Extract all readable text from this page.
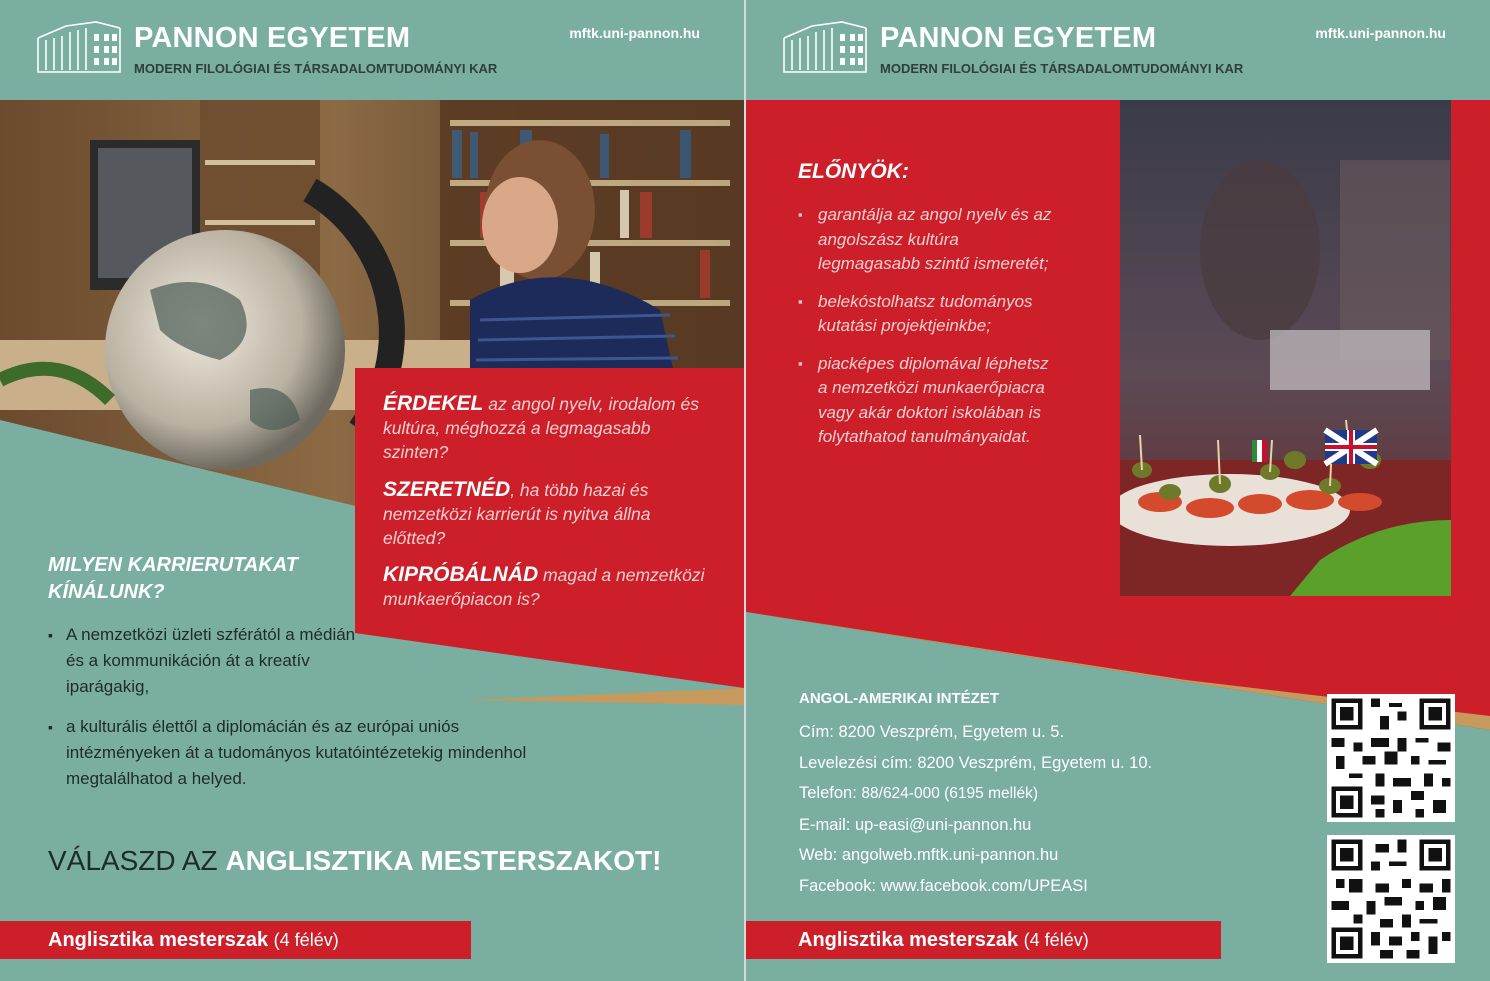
PANNON EGYETEM
MODERN FILOLÓGIAI ÉS TÁRSADALOMTUDOMÁNYI KAR
mftk.uni-pannon.hu
ÉRDEKEL az angol nyelv, irodalom és kultúra, méghozzá a legmagasabb szinten?
SZERETNÉD, ha több hazai és nemzetközi karrierút is nyitva állna előtted?
KIPRÓBÁLNÁD magad a nemzetközi munkaerőpiacon is?
MILYEN KARRIERUTAKAT
KÍNÁLUNK?
▪ A nemzetközi üzleti szférától a médián és a kommunikáción át a kreatív iparágakig,
▪ a kulturális élettől a diplomácián és az európai uniós intézményeken át a tudományos kutatóintézetekig mindenhol megtalálhatod a helyed.
VÁLASZD AZ ANGLISZTIKA MESTERSZAKOT!
Anglisztika mesterszak (4 félév)
PANNON EGYETEM
MODERN FILOLÓGIAI ÉS TÁRSADALOMTUDOMÁNYI KAR
mftk.uni-pannon.hu
ELŐNYÖK:
▪ garantálja az angol nyelv és az angolszász kultúra legmagasabb szintű ismeretét;
▪ belekóstolhatsz tudományos kutatási projektjeinkbe;
▪ piacképes diplomával léphetsz a nemzetközi munkaerőpiacra vagy akár doktori iskolában is folytathatod tanulmányaidat.
ANGOL-AMERIKAI INTÉZET
Cím: 8200 Veszprém, Egyetem u. 5.
Levelezési cím: 8200 Veszprém, Egyetem u. 10.
Telefon: 88/624-000 (6195 mellék)
E-mail: up-easi@uni-pannon.hu
Web: angolweb.mftk.uni-pannon.hu
Facebook: www.facebook.com/UPEASI
Anglisztika mesterszak (4 félév)
